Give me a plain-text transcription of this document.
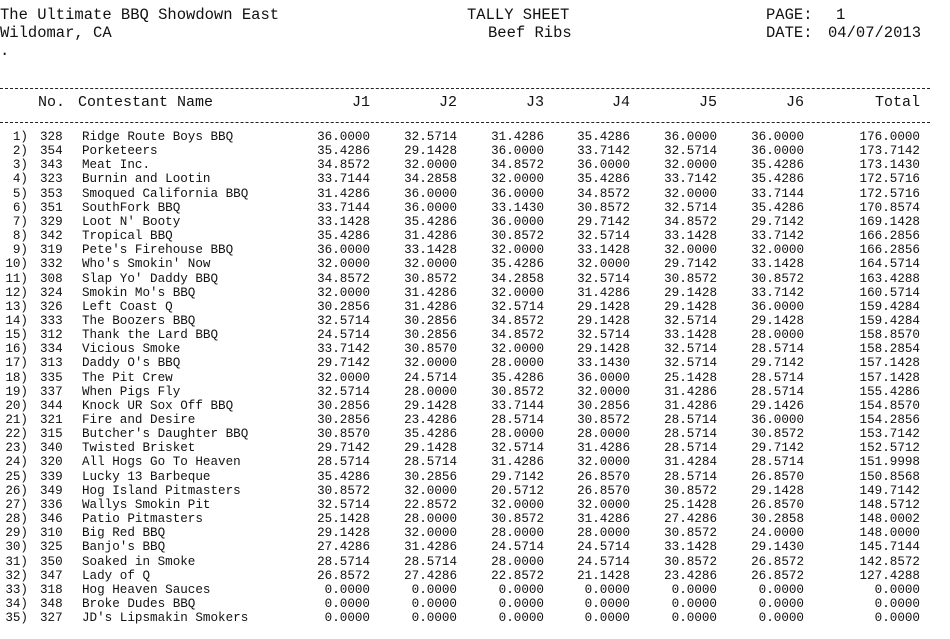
The Ultimate BBQ Showdown East
Wildomar, CA
.
TALLY SHEET
Beef Ribs
PAGE: 1
DATE: 04/07/2013
No. Contestant Name	J1	J2	J3	J4	J5	J6	Total
1) 328	Ridge Route Boys BBQ	36.0000	32.5714	31.4286	35.4286	36.0000	36.0000	176.0000
2) 354	Porketeers	35.4286	29.1428	36.0000	33.7142	32.5714	36.0000	173.7142
3) 343	Meat Inc.	34.8572	32.0000	34.8572	36.0000	32.0000	35.4286	173.1430
4) 323	Burnin and Lootin	33.7144	34.2858	32.0000	35.4286	33.7142	35.4286	172.5716
5) 353	Smoqued California BBQ	31.4286	36.0000	36.0000	34.8572	32.0000	33.7144	172.5716
6) 351	SouthFork BBQ	33.7144	36.0000	33.1430	30.8572	32.5714	35.4286	170.8574
7) 329	Loot N' Booty	33.1428	35.4286	36.0000	29.7142	34.8572	29.7142	169.1428
8) 342	Tropical BBQ	35.4286	31.4286	30.8572	32.5714	33.1428	33.7142	166.2856
9) 319	Pete's Firehouse BBQ	36.0000	33.1428	32.0000	33.1428	32.0000	32.0000	166.2856
10) 332	Who's Smokin' Now	32.0000	32.0000	35.4286	32.0000	29.7142	33.1428	164.5714
11) 308	Slap Yo' Daddy BBQ	34.8572	30.8572	34.2858	32.5714	30.8572	30.8572	163.4288
12) 324	Smokin Mo's BBQ	32.0000	31.4286	32.0000	31.4286	29.1428	33.7142	160.5714
13) 326	Left Coast Q	30.2856	31.4286	32.5714	29.1428	29.1428	36.0000	159.4284
14) 333	The Boozers BBQ	32.5714	30.2856	34.8572	29.1428	32.5714	29.1428	159.4284
15) 312	Thank the Lard BBQ	24.5714	30.2856	34.8572	32.5714	33.1428	28.0000	158.8570
16) 334	Vicious Smoke	33.7142	30.8570	32.0000	29.1428	32.5714	28.5714	158.2854
17) 313	Daddy O's BBQ	29.7142	32.0000	28.0000	33.1430	32.5714	29.7142	157.1428
18) 335	The Pit Crew	32.0000	24.5714	35.4286	36.0000	25.1428	28.5714	157.1428
19) 337	When Pigs Fly	32.5714	28.0000	30.8572	32.0000	31.4286	28.5714	155.4286
20) 344	Knock UR Sox Off BBQ	30.2856	29.1428	33.7144	30.2856	31.4286	29.1426	154.8570
21) 321	Fire and Desire	30.2856	23.4286	28.5714	30.8572	28.5714	36.0000	154.2856
22) 315	Butcher's Daughter BBQ	30.8570	35.4286	28.0000	28.0000	28.5714	30.8572	153.7142
23) 340	Twisted Brisket	29.7142	29.1428	32.5714	31.4286	28.5714	29.7142	152.5712
24) 320	All Hogs Go To Heaven	28.5714	28.5714	31.4286	32.0000	31.4284	28.5714	151.9998
25) 339	Lucky 13 Barbeque	35.4286	30.2856	29.7142	26.8570	28.5714	26.8570	150.8568
26) 349	Hog Island Pitmasters	30.8572	32.0000	20.5712	26.8570	30.8572	29.1428	149.7142
27) 336	Wallys Smokin Pit	32.5714	22.8572	32.0000	32.0000	25.1428	26.8570	148.5712
28) 346	Patio Pitmasters	25.1428	28.0000	30.8572	31.4286	27.4286	30.2858	148.0002
29) 310	Big Red BBQ	29.1428	32.0000	28.0000	28.0000	30.8572	24.0000	148.0000
30) 325	Banjo's BBQ	27.4286	31.4286	24.5714	24.5714	33.1428	29.1430	145.7144
31) 350	Soaked in Smoke	28.5714	28.5714	28.0000	24.5714	30.8572	26.8572	142.8572
32) 347	Lady of Q	26.8572	27.4286	22.8572	21.1428	23.4286	26.8572	127.4288
33) 318	Hog Heaven Sauces	0.0000	0.0000	0.0000	0.0000	0.0000	0.0000	0.0000
34) 348	Broke Dudes BBQ	0.0000	0.0000	0.0000	0.0000	0.0000	0.0000	0.0000
35) 327	JD's Lipsmakin Smokers	0.0000	0.0000	0.0000	0.0000	0.0000	0.0000	0.0000
